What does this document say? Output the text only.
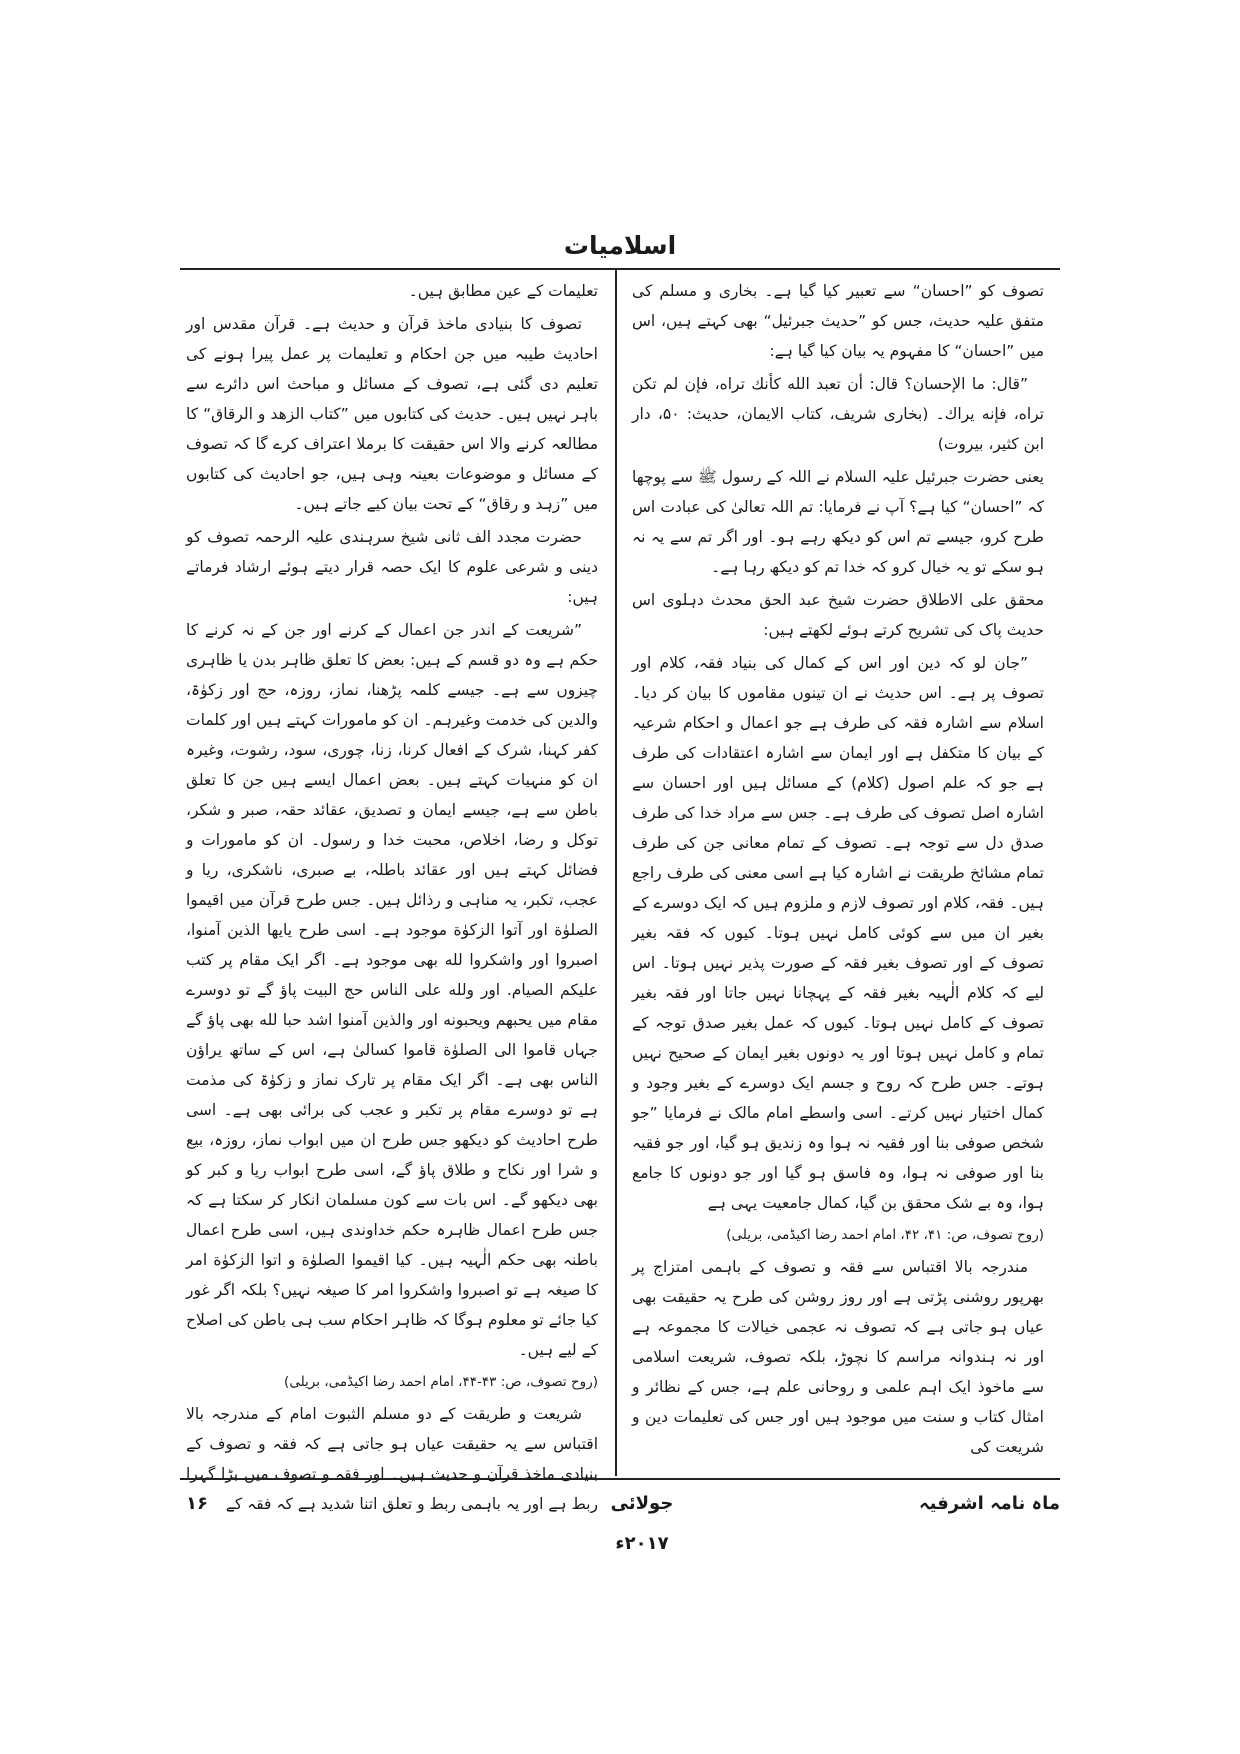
اسلامیات

تصوف کو ”احسان“ سے تعبیر کیا گیا ہے۔ بخاری و مسلم کی متفق علیہ حدیث، جس کو ”حدیث جبرئیل“ بھی کہتے ہیں، اس میں ”احسان“ کا مفہوم یہ بیان کیا گیا ہے:

”قال: ما الإحسان؟ قال: أن تعبد الله كأنك تراه، فإن لم تكن تراه، فإنه يراك۔ (بخاری شریف، کتاب الایمان، حدیث: ۵۰، دار ابن کثیر، بیروت)

یعنی حضرت جبرئیل علیہ السلام نے اللہ کے رسول ﷺ سے پوچھا کہ ”احسان“ کیا ہے؟ آپ نے فرمایا: تم اللہ تعالیٰ کی عبادت اس طرح کرو، جیسے تم اس کو دیکھ رہے ہو۔ اور اگر تم سے یہ نہ ہو سکے تو یہ خیال کرو کہ خدا تم کو دیکھ رہا ہے۔

محقق علی الاطلاق حضرت شیخ عبد الحق محدث دہلوی اس حدیث پاک کی تشریح کرتے ہوئے لکھتے ہیں:

”جان لو کہ دین اور اس کے کمال کی بنیاد فقہ، کلام اور تصوف پر ہے۔ اس حدیث نے ان تینوں مقاموں کا بیان کر دیا۔ اسلام سے اشارہ فقہ کی طرف ہے جو اعمال و احکام شرعیہ کے بیان کا متکفل ہے اور ایمان سے اشارہ اعتقادات کی طرف ہے جو کہ علم اصول (کلام) کے مسائل ہیں اور احسان سے اشارہ اصل تصوف کی طرف ہے۔ جس سے مراد خدا کی طرف صدق دل سے توجہ ہے۔ تصوف کے تمام معانی جن کی طرف تمام مشائخ طریقت نے اشارہ کیا ہے اسی معنی کی طرف راجع ہیں۔ فقہ، کلام اور تصوف لازم و ملزوم ہیں کہ ایک دوسرے کے بغیر ان میں سے کوئی کامل نہیں ہوتا۔ کیوں کہ فقہ بغیر تصوف کے اور تصوف بغیر فقہ کے صورت پذیر نہیں ہوتا۔ اس لیے کہ کلام الٰہیہ بغیر فقہ کے پہچانا نہیں جاتا اور فقہ بغیر تصوف کے کامل نہیں ہوتا۔ کیوں کہ عمل بغیر صدق توجہ کے تمام و کامل نہیں ہوتا اور یہ دونوں بغیر ایمان کے صحیح نہیں ہوتے۔ جس طرح کہ روح و جسم ایک دوسرے کے بغیر وجود و کمال اختیار نہیں کرتے۔ اسی واسطے امام مالک نے فرمایا ”جو شخص صوفی بنا اور فقیہ نہ ہوا وہ زندیق ہو گیا، اور جو فقیہ بنا اور صوفی نہ ہوا، وہ فاسق ہو گیا اور جو دونوں کا جامع ہوا، وہ بے شک محقق بن گیا، کمال جامعیت یہی ہے

(روح تصوف، ص: ۴۱، ۴۲، امام احمد رضا اکیڈمی، بریلی)

مندرجہ بالا اقتباس سے فقہ و تصوف کے باہمی امتزاج پر بھرپور روشنی پڑتی ہے اور روز روشن کی طرح یہ حقیقت بھی عیاں ہو جاتی ہے کہ تصوف نہ عجمی خیالات کا مجموعہ ہے اور نہ ہندوانہ مراسم کا نچوڑ، بلکہ تصوف، شریعت اسلامی سے ماخوذ ایک اہم علمی و روحانی علم ہے، جس کے نظائر و امثال کتاب و سنت میں موجود ہیں اور جس کی تعلیمات دین و شریعت کی

تعلیمات کے عین مطابق ہیں۔

تصوف کا بنیادی ماخذ قرآن و حدیث ہے۔ قرآن مقدس اور احادیث طیبہ میں جن احکام و تعلیمات پر عمل پیرا ہونے کی تعلیم دی گئی ہے، تصوف کے مسائل و مباحث اس دائرے سے باہر نہیں ہیں۔ حدیث کی کتابوں میں ”کتاب الزهد و الرقاق“ کا مطالعہ کرنے والا اس حقیقت کا برملا اعتراف کرے گا کہ تصوف کے مسائل و موضوعات بعینہ وہی ہیں، جو احادیث کی کتابوں میں ”زہد و رقاق“ کے تحت بیان کیے جاتے ہیں۔

حضرت مجدد الف ثانی شیخ سرہندی علیہ الرحمہ تصوف کو دینی و شرعی علوم کا ایک حصہ قرار دیتے ہوئے ارشاد فرماتے ہیں:

”شریعت کے اندر جن اعمال کے کرنے اور جن کے نہ کرنے کا حکم ہے وہ دو قسم کے ہیں: بعض کا تعلق ظاہر بدن یا ظاہری چیزوں سے ہے۔ جیسے کلمہ پڑھنا، نماز، روزہ، حج اور زکوٰۃ، والدین کی خدمت وغیرہم۔ ان کو مامورات کہتے ہیں اور کلمات کفر کہنا، شرک کے افعال کرنا، زنا، چوری، سود، رشوت، وغیرہ ان کو منہیات کہتے ہیں۔ بعض اعمال ایسے ہیں جن کا تعلق باطن سے ہے، جیسے ایمان و تصدیق، عقائد حقہ، صبر و شکر، توکل و رضا، اخلاص، محبت خدا و رسول۔ ان کو مامورات و فضائل کہتے ہیں اور عقائد باطلہ، بے صبری، ناشکری، ریا و عجب، تکبر، یہ مناہی و رذائل ہیں۔ جس طرح قرآن میں اقيموا الصلوٰة اور آتوا الزكوٰة موجود ہے۔ اسی طرح يايها الذين آمنوا، اصبروا اور واشكروا لله بھی موجود ہے۔ اگر ایک مقام پر كتب عليكم الصيام. اور ولله على الناس حج البيت پاؤ گے تو دوسرے مقام میں يحبهم ويحبونه اور والذين آمنوا اشد حبا لله بھی پاؤ گے جہاں قاموا الى الصلوٰة قاموا كسالىٰ ہے، اس کے ساتھ يراؤن الناس بھی ہے۔ اگر ایک مقام پر تارک نماز و زکوٰۃ کی مذمت ہے تو دوسرے مقام پر تکبر و عجب کی برائی بھی ہے۔ اسی طرح احادیث کو دیکھو جس طرح ان میں ابواب نماز، روزہ، بیع و شرا اور نکاح و طلاق پاؤ گے، اسی طرح ابواب ریا و کبر کو بھی دیکھو گے۔ اس بات سے کون مسلمان انکار کر سکتا ہے کہ جس طرح اعمال ظاہرہ حکم خداوندی ہیں، اسی طرح اعمال باطنہ بھی حکم الٰہیہ ہیں۔ کیا اقيموا الصلوٰة و اتوا الزكوٰة امر کا صیغہ ہے تو اصبروا واشكروا امر کا صیغہ نہیں؟ بلکہ اگر غور کیا جائے تو معلوم ہوگا کہ ظاہر احکام سب ہی باطن کی اصلاح کے لیے ہیں۔

(روح تصوف، ص: ۴۳-۴۴، امام احمد رضا اکیڈمی، بریلی)

شریعت و طریقت کے دو مسلم الثبوت امام کے مندرجہ بالا اقتباس سے یہ حقیقت عیاں ہو جاتی ہے کہ فقہ و تصوف کے بنیادی ماخذ قرآن و حدیث ہیں۔ اور فقہ و تصوف میں بڑا گہرا ربط ہے اور یہ باہمی ربط و تعلق اتنا شدید ہے کہ فقہ کے	ماہ نامہ اشرفیہ
جولائی ۲۰۱۷ء
۱۶
